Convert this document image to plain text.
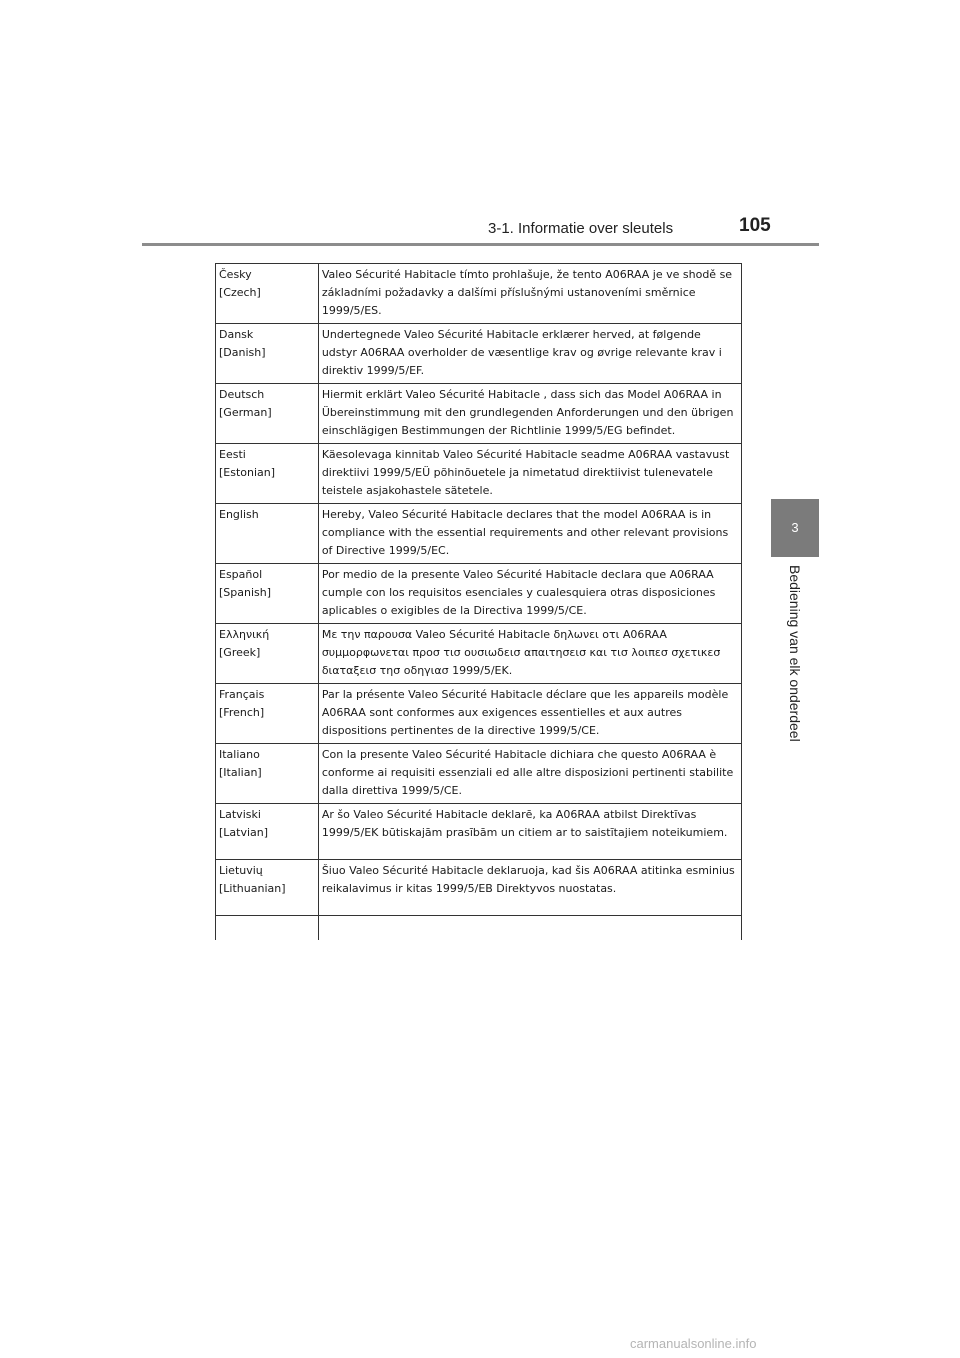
3-1. Informatie over sleutels	105
3
Bediening van elk onderdeel
Česky
[Czech]	Valeo Sécurité Habitacle tímto prohlašuje, že tento A06RAA je ve shodě se základními požadavky a dalšími příslušnými ustanoveními směrnice 1999/5/ES.

Dansk
[Danish]	Undertegnede Valeo Sécurité Habitacle erklærer herved, at følgende udstyr A06RAA overholder de væsentlige krav og øvrige relevante krav i direktiv 1999/5/EF.

Deutsch
[German]	Hiermit erklärt Valeo Sécurité Habitacle , dass sich das Model A06RAA in Übereinstimmung mit den grundlegenden Anforderungen und den übrigen einschlägigen Bestimmungen der Richtlinie 1999/5/EG befindet.

Eesti
[Estonian]	Käesolevaga kinnitab Valeo Sécurité Habitacle seadme A06RAA vastavust direktiivi 1999/5/EÜ põhinõuetele ja nimetatud direktiivist tulenevatele teistele asjakohastele sätetele.

English	Hereby, Valeo Sécurité Habitacle declares that the model A06RAA is in compliance with the essential requirements and other relevant provisions of Directive 1999/5/EC.

Español
[Spanish]	Por medio de la presente Valeo Sécurité Habitacle declara que A06RAA cumple con los requisitos esenciales y cualesquiera otras disposiciones aplicables o exigibles de la Directiva 1999/5/CE.

Ελληνική
[Greek]	Με την παρουσα Valeo Sécurité Habitacle δηλωνει οτι A06RAA συμμορφωνεται προσ τισ ουσιωδεισ απαιτησεισ και τισ λοιπεσ σχετικεσ διαταξεισ τησ οδηγιασ 1999/5/ΕΚ.

Français
[French]	Par la présente Valeo Sécurité Habitacle déclare que les appareils modèle A06RAA sont conformes aux exigences essentielles et aux autres dispositions pertinentes de la directive 1999/5/CE.

Italiano
[Italian]	Con la presente Valeo Sécurité Habitacle dichiara che questo A06RAA è conforme ai requisiti essenziali ed alle altre disposizioni pertinenti stabilite dalla direttiva 1999/5/CE.

Latviski
[Latvian]	Ar šo Valeo Sécurité Habitacle deklarē, ka A06RAA atbilst Direktīvas 1999/5/EK būtiskajām prasībām un citiem ar to saistītajiem noteikumiem.

Lietuvių
[Lithuanian]	Šiuo Valeo Sécurité Habitacle deklaruoja, kad šis A06RAA atitinka esminius reikalavimus ir kitas 1999/5/EB Direktyvos nuostatas.

carmanualsonline.info
